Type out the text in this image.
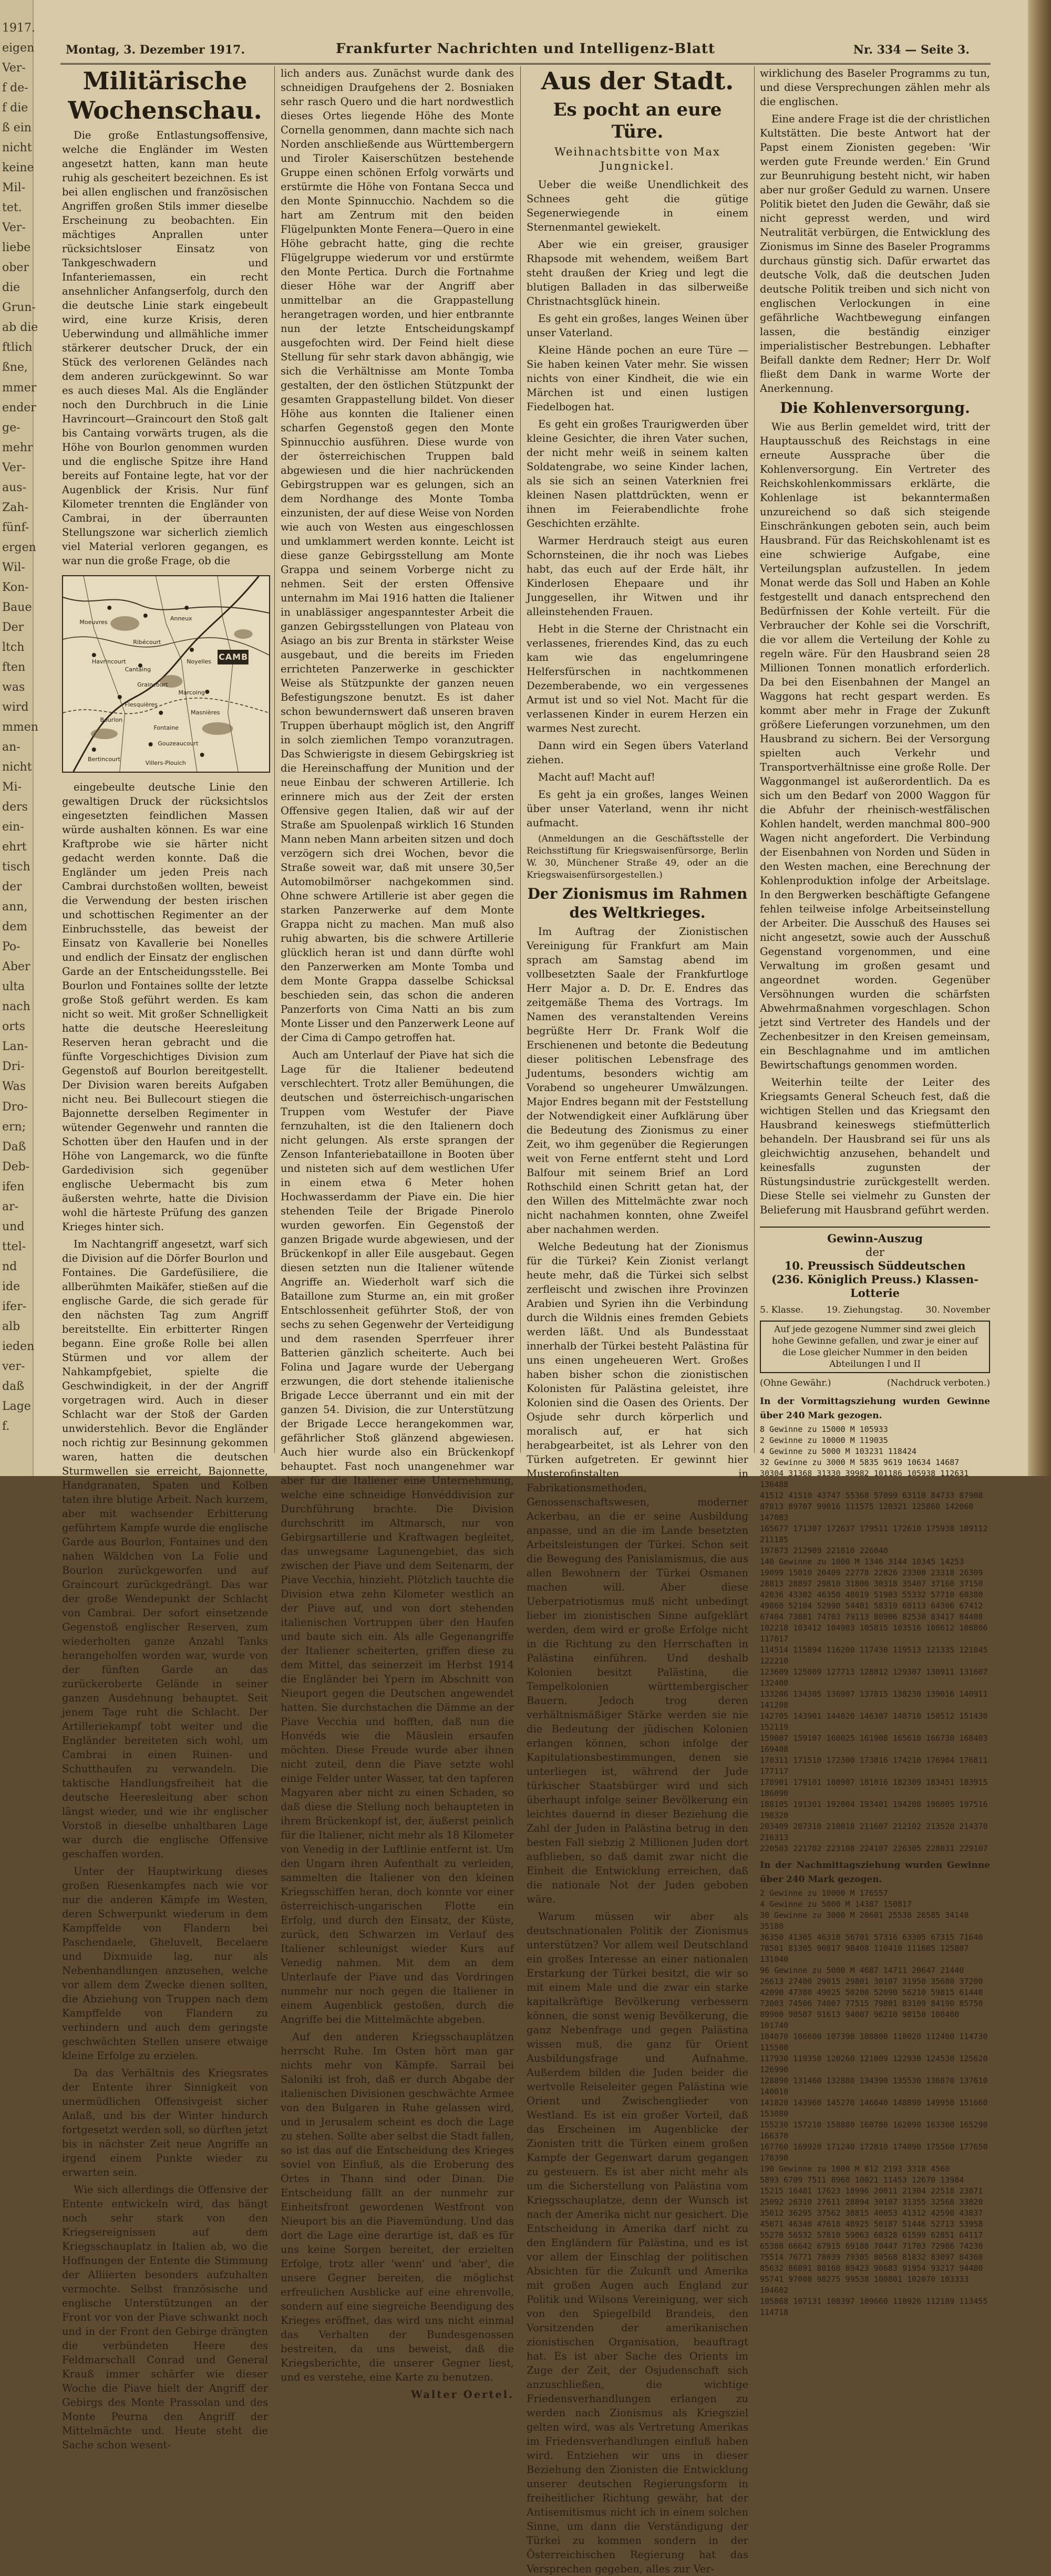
1917.
eigen
Ver-
f de-
f die
ß ein
nicht
keine
Mil-
tet.
Ver-
liebe
ober
die
Grun-
ab die
ftlich
ßne,
mmer
ender
ge-
mehr
Ver-
aus-
Zah-
fünf-
ergen
Wil-
Kon-
Baue
Der
ltch
ften
was
wird
mmen
an-
nicht
Mi-
ders
ein-
ehrt
tisch
der
ann,
dem
Po-
Aber
ulta
nach
orts
Lan-
Dri-
Was
Dro-
ern;
Daß
Deb-
ifen
ar-
und
ttel-
nd
ide
ifer-
alb
ieden
ver-
daß
Lage
f.
Montag, 3. Dezember 1917.	Frankfurter Nachrichten und Intelligenz-Blatt	Nr. 334 — Seite 3.
Militärische Wochenschau.

Die große Entlastungsoffensive, welche die Engländer im Westen angesetzt hatten, kann man heute ruhig als gescheitert bezeichnen. Es ist bei allen englischen und französischen Angriffen großen Stils immer dieselbe Erscheinung zu beobachten. Ein mächtiges Anprallen unter rücksichtsloser Einsatz von Tankgeschwadern und Infanteriemassen, ein recht ansehnlicher Anfangserfolg, durch den die deutsche Linie stark eingebeult wird, eine kurze Krisis, deren Ueberwindung und allmähliche immer stärkerer deutscher Druck, der ein Stück des verlorenen Geländes nach dem anderen zurückgewinnt. So war es auch dieses Mal. Als die Engländer noch den Durchbruch in die Linie Havrincourt—Graincourt den Stoß galt bis Cantaing vorwärts trugen, als die Höhe von Bourlon genommen wurden und die englische Spitze ihre Hand bereits auf Fontaine legte, hat vor der Augenblick der Krisis. Nur fünf Kilometer trennten die Engländer von Cambrai, in der überraunten Stellungszone war sicherlich ziemlich viel Material verloren gegangen, es war nun die große Frage, ob die

CAMBRAI
Bourlon
Fontaine
Cantaing
Graincourt
Flesquières
Havrincourt
Ribécourt
Marcoing
Masnières
Gouzeaucourt
Bertincourt
Moeuvres
Anneux
Noyelles
Villers-Plouich

eingebeulte deutsche Linie den gewaltigen Druck der rücksichtslos eingesetzten feindlichen Massen würde aushalten können. Es war eine Kraftprobe wie sie härter nicht gedacht werden konnte. Daß die Engländer um jeden Preis nach Cambrai durchstoßen wollten, beweist die Verwendung der besten irischen und schottischen Regimenter an der Einbruchsstelle, das beweist der Einsatz von Kavallerie bei Nonelles und endlich der Einsatz der englischen Garde an der Entscheidungsstelle. Bei Bourlon und Fontaines sollte der letzte große Stoß geführt werden. Es kam nicht so weit. Mit großer Schnelligkeit hatte die deutsche Heeresleitung Reserven heran gebracht und die fünfte Vorgeschichtiges Division zum Gegenstoß auf Bourlon bereitgestellt. Der Division waren bereits Aufgaben nicht neu. Bei Bullecourt stiegen die Bajonnette derselben Regimenter in wütender Gegenwehr und rannten die Schotten über den Haufen und in der Höhe von Langemarck, wo die fünfte Gardedivision sich gegenüber englische Uebermacht bis zum äußersten wehrte, hatte die Division wohl die härteste Prüfung des ganzen Krieges hinter sich.

Im Nachtangriff angesetzt, warf sich die Division auf die Dörfer Bourlon und Fontaines. Die Gardefüsiliere, die allberühmten Maikäfer, stießen auf die englische Garde, die sich gerade für den nächsten Tag zum Angriff bereitstellte. Ein erbitterter Ringen begann. Eine große Rolle bei allen Stürmen und vor allem der Nahkampfgebiet, spielte die Geschwindigkeit, in der der Angriff vorgetragen wird. Auch in dieser Schlacht war der Stoß der Garden unwiderstehlich. Bevor die Engländer noch richtig zur Besinnung gekommen waren, hatten die deutschen Sturmwellen sie erreicht, Bajonnette, Handgranaten, Spaten und Kolben taten ihre blutige Arbeit. Nach kurzem, aber mit wachsender Erbitterung geführtem Kampfe wurde die englische Garde aus Bourlon, Fontaines und den nahen Wäldchen von La Folie und Bourlon zurückgeworfen und auf Graincourt zurückgedrängt. Das war der große Wendepunkt der Schlacht von Cambrai. Der sofort einsetzende Gegenstoß englischer Reserven, zum wiederholten ganze Anzahl Tanks herangeholfen worden war, wurde von der fünften Garde an das zurückeroberte Gelände in seiner ganzen Ausdehnung behauptet. Seit jenem Tage ruht die Schlacht. Der Artilleriekampf tobt weiter und die Engländer bereiteten sich wohl, um Cambrai in einen Ruinen- und Schutthaufen zu verwandeln. Die taktische Handlungsfreiheit hat die deutsche Heeresleitung aber schon längst wieder, und wie ihr englischer Vorstoß in dieselbe unhaltbaren Lage war durch die englische Offensive geschaffen worden.

Unter der Hauptwirkung dieses großen Riesenkampfes nach wie vor nur die anderen Kämpfe im Westen, deren Schwerpunkt wiederum in dem Kampffelde von Flandern bei Paschendaele, Gheluvelt, Becelaere und Dixmuide lag, nur als Nebenhandlungen anzusehen, welche vor allem dem Zwecke dienen sollten, die Abziehung von Truppen nach dem Kampffelde von Flandern zu verhindern und auch dem geringste geschwächten Stellen unsere etwaige kleine Erfolge zu erzielen.

Da das Verhältnis des Kriegsrates der Entente ihrer Sinnigkeit von unermüdlichen Offensivgeist sicher Anlaß, und bis der Winter hindurch fortgesetzt werden soll, so dürften jetzt bis in nächster Zeit neue Angriffe an irgend einem Punkte wieder zu erwarten sein.

Wie sich allerdings die Offensive der Entente entwickeln wird, das hängt noch sehr stark von den Kriegsereignissen auf dem Kriegsschauplatz in Italien ab, wo die Hoffnungen der Entente die Stimmung der Alliierten besonders aufzuhalten vermochte. Selbst französische und englische Unterstützungen an der Front vor von der Piave schwankt noch und in der Front den Gebirge drängten die verbündeten Heere des Feldmarschall Conrad und General Krauß immer schärfer wie dieser Woche die Piave hielt der Angriff der Gebirgs des Monte Prassolan und des Monte Peurna den Angriff der Mittelmächte und. Heute steht die Sache schon wesent-

lich anders aus. Zunächst wurde dank des schneidigen Draufgehens der 2. Bosniaken sehr rasch Quero und die hart nordwestlich dieses Ortes liegende Höhe des Monte Cornella genommen, dann machte sich nach Norden anschließende aus Württembergern und Tiroler Kaiserschützen bestehende Gruppe einen schönen Erfolg vorwärts und erstürmte die Höhe von Fontana Secca und den Monte Spinnucchio. Nachdem so die hart am Zentrum mit den beiden Flügelpunkten Monte Fenera—Quero in eine Höhe gebracht hatte, ging die rechte Flügelgruppe wiederum vor und erstürmte den Monte Pertica. Durch die Fortnahme dieser Höhe war der Angriff aber unmittelbar an die Grappastellung herangetragen worden, und hier entbrannte nun der letzte Entscheidungskampf ausgefochten wird. Der Feind hielt diese Stellung für sehr stark davon abhängig, wie sich die Verhältnisse am Monte Tomba gestalten, der den östlichen Stützpunkt der gesamten Grappastellung bildet. Von dieser Höhe aus konnten die Italiener einen scharfen Gegenstoß gegen den Monte Spinnucchio ausführen. Diese wurde von der österreichischen Truppen bald abgewiesen und die hier nachrückenden Gebirgstruppen war es gelungen, sich an dem Nordhange des Monte Tomba einzunisten, der auf diese Weise von Norden wie auch von Westen aus eingeschlossen und umklammert werden konnte. Leicht ist diese ganze Gebirgsstellung am Monte Grappa und seinem Vorberge nicht zu nehmen. Seit der ersten Offensive unternahm im Mai 1916 hatten die Italiener in unablässiger angespanntester Arbeit die ganzen Gebirgsstellungen von Plateau von Asiago an bis zur Brenta in stärkster Weise ausgebaut, und die bereits im Frieden errichteten Panzerwerke in geschickter Weise als Stützpunkte der ganzen neuen Befestigungszone benutzt. Es ist daher schon bewundernswert daß unseren braven Truppen überhaupt möglich ist, den Angriff in solch ziemlichen Tempo voranzutragen. Das Schwierigste in diesem Gebirgskrieg ist die Hereinschaffung der Munition und der neue Einbau der schweren Artillerie. Ich erinnere mich aus der Zeit der ersten Offensive gegen Italien, daß wir auf der Straße am Spuolenpaß wirklich 16 Stunden Mann neben Mann arbeiten sitzen und doch verzögern sich drei Wochen, bevor die Straße soweit war, daß mit unsere 30,5er Automobilmörser nachgekommen sind. Ohne schwere Artillerie ist aber gegen die starken Panzerwerke auf dem Monte Grappa nicht zu machen. Man muß also ruhig abwarten, bis die schwere Artillerie glücklich heran ist und dann dürfte wohl den Panzerwerken am Monte Tomba und dem Monte Grappa dasselbe Schicksal beschieden sein, das schon die anderen Panzerforts von Cima Natti an bis zum Monte Lisser und den Panzerwerk Leone auf der Cima di Campo getroffen hat.

Auch am Unterlauf der Piave hat sich die Lage für die Italiener bedeutend verschlechtert. Trotz aller Bemühungen, die deutschen und österreichisch-ungarischen Truppen vom Westufer der Piave fernzuhalten, ist die den Italienern doch nicht gelungen. Als erste sprangen der Zenson Infanteriebataillone in Booten über und nisteten sich auf dem westlichen Ufer in einem etwa 6 Meter hohen Hochwasserdamm der Piave ein. Die hier stehenden Teile der Brigade Pinerolo wurden geworfen. Ein Gegenstoß der ganzen Brigade wurde abgewiesen, und der Brückenkopf in aller Eile ausgebaut. Gegen diesen setzten nun die Italiener wütende Angriffe an. Wiederholt warf sich die Bataillone zum Sturme an, ein mit großer Entschlossenheit geführter Stoß, der von sechs zu sehen Gegenwehr der Verteidigung und dem rasenden Sperrfeuer ihrer Batterien gänzlich scheiterte. Auch bei Folina und Jagare wurde der Uebergang erzwungen, die dort stehende italienische Brigade Lecce überrannt und ein mit der ganzen 54. Division, die zur Unterstützung der Brigade Lecce herangekommen war, gefährlicher Stoß glänzend abgewiesen. Auch hier wurde also ein Brückenkopf behauptet. Fast noch unangenehmer war aber für die Italiener eine Unternehmung, welche eine schneidige Honvéddivision zur Durchführung brachte. Die Division durchschritt im Altmarsch, nur von Gebirgsartillerie und Kraftwagen begleitet, das unwegsame Lagunengebiet, das sich zwischen der Piave und dem Seitenarm, der Piave Vecchia, hinzieht. Plötzlich tauchte die Division etwa zehn Kilometer westlich an der Piave auf, und von dort stehenden italienischen Vortruppen über den Haufen und baute sich ein. Als alle Gegenangriffe der Italiener scheiterten, griffen diese zu dem Mittel, das seinerzeit im Herbst 1914 die Engländer bei Ypern im Abschnitt von Nieuport gegen die Deutschen angewendet hatten. Sie durchstachen die Dämme an der Piave Vecchia und hofften, daß nun die Honvéds wie die Mäuslein ersaufen möchten. Diese Freude wurde aber ihnen nicht zuteil, denn die Piave setzte wohl einige Felder unter Wasser, tat den tapferen Magyaren aber nicht zu einen Schaden, so daß diese die Stellung noch behaupteten in ihrem Brückenkopf ist, der, äußerst peinlich für die Italiener, nicht mehr als 18 Kilometer von Venedig in der Luftlinie entfernt ist. Um den Ungarn ihren Aufenthalt zu verleiden, sammelten die Italiener von den kleinen Kriegsschiffen heran, doch konnte vor einer österreichisch-ungarischen Flotte ein Erfolg, und durch den Einsatz, der Küste, zurück, den Schwarzen im Verlauf des Italiener schleunigst wieder Kurs auf Venedig nahmen. Mit dem an dem Unterlaufe der Piave und das Vordringen nunmehr nur noch gegen die Italiener in einem Augenblick gestoßen, durch die Angriffe bei die Mittelmächte abgeben.

Auf den anderen Kriegsschauplätzen herrscht Ruhe. Im Osten hört man gar nichts mehr von Kämpfe. Sarrail bei Saloniki ist froh, daß er durch Abgabe der italienischen Divisionen geschwächte Armee von den Bulgaren in Ruhe gelassen wird, und in Jerusalem scheint es doch die Lage zu stehen. Sollte aber selbst die Stadt fallen, so ist das auf die Entscheidung des Krieges soviel von Einfluß, als die Eroberung des Ortes in Thann sind oder Dinan. Die Entscheidung fällt an der nunmehr zur Einheitsfront gewordenen Westfront von Nieuport bis an die Piavemündung. Und das dort die Lage eine derartige ist, daß es für uns keine Sorgen bereitet, der erzielten Erfolge, trotz aller 'wenn' und 'aber', die unsere Gegner bereiten, die möglichst erfreulichen Ausblicke auf eine ehrenvolle, sondern auf eine siegreiche Beendigung des Krieges eröffnet, das wird uns nicht einmal das Verhalten der Bundesgenossen bestreiten, da uns beweist, daß die Kriegsberichte, die unserer Gegner liest, und es verstehe, eine Karte zu benutzen.

Walter Oertel.
Aus der Stadt.
Es pocht an eure Türe.
Weihnachtsbitte von Max Jungnickel.

Ueber die weiße Unendlichkeit des Schnees geht die gütige Segenerwiegende in einem Sternenmantel gewiekelt.

Aber wie ein greiser, grausiger Rhapsode mit wehendem, weißem Bart steht draußen der Krieg und legt die blutigen Balladen in das silberweiße Christnachtsglück hinein.

Es geht ein großes, langes Weinen über unser Vaterland.

Kleine Hände pochen an eure Türe — Sie haben keinen Vater mehr. Sie wissen nichts von einer Kindheit, die wie ein Märchen ist und einen lustigen Fiedelbogen hat.

Es geht ein großes Traurigwerden über kleine Gesichter, die ihren Vater suchen, der nicht mehr weiß in seinem kalten Soldatengrabe, wo seine Kinder lachen, als sie sich an seinen Vaterknien frei kleinen Nasen plattdrückten, wenn er ihnen im Feierabendlichte frohe Geschichten erzählte.

Warmer Herdrauch steigt aus euren Schornsteinen, die ihr noch was Liebes habt, das euch auf der Erde hält, ihr Kinderlosen Ehepaare und ihr Junggesellen, ihr Witwen und ihr alleinstehenden Frauen.

Hebt in die Sterne der Christnacht ein verlassenes, frierendes Kind, das zu euch kam wie das engelumringene Helfersfürschen in nachtkommenen Dezemberabende, wo ein vergessenes Armut ist und so viel Not. Macht für die verlassenen Kinder in eurem Herzen ein warmes Nest zurecht.

Dann wird ein Segen übers Vaterland ziehen.

Macht auf! Macht auf!

Es geht ja ein großes, langes Weinen über unser Vaterland, wenn ihr nicht aufmacht.

(Anmeldungen an die Geschäftsstelle der Reichsstiftung für Kriegswaisenfürsorge, Berlin W. 30, Münchener Straße 49, oder an die Kriegswaisenfürsorgestellen.)

Der Zionismus im Rahmen des Weltkrieges.

Im Auftrag der Zionistischen Vereinigung für Frankfurt am Main sprach am Samstag abend im vollbesetzten Saale der Frankfurtloge Herr Major a. D. Dr. E. Endres das zeitgemäße Thema des Vortrags. Im Namen des veranstaltenden Vereins begrüßte Herr Dr. Frank Wolf die Erschienenen und betonte die Bedeutung dieser politischen Lebensfrage des Judentums, besonders wichtig am Vorabend so ungeheurer Umwälzungen. Major Endres begann mit der Feststellung der Notwendigkeit einer Aufklärung über die Bedeutung des Zionismus zu einer Zeit, wo ihm gegenüber die Regierungen weit von Ferne entfernt steht und Lord Balfour mit seinem Brief an Lord Rothschild einen Schritt getan hat, der den Willen des Mittelmächte zwar noch nicht nachahmen konnten, ohne Zweifel aber nachahmen werden.

Welche Bedeutung hat der Zionismus für die Türkei? Kein Zionist verlangt heute mehr, daß die Türkei sich selbst zerfleischt und zwischen ihre Provinzen Arabien und Syrien ihn die Verbindung durch die Wildnis eines fremden Gebiets werden läßt. Und als Bundesstaat innerhalb der Türkei besteht Palästina für uns einen ungeheueren Wert. Großes haben bisher schon die zionistischen Kolonisten für Palästina geleistet, ihre Kolonien sind die Oasen des Orients. Der Osjude sehr durch körperlich und moralisch auf, er hat sich herabgearbeitet, ist als Lehrer von den Türken aufgetreten. Er gewinnt hier Musterofinstalten in Fabrikationsmethoden, Genossenschaftswesen, moderner Ackerbau, an die er seine Ausbildung anpasse, und an die im Lande besetzten Arbeitsleistungen der Türkei. Schon seit die Bewegung des Panislamismus, die aus allen Bewohnern der Türkei Osmanen machen will. Aber diese Ueberpatriotismus muß nicht unbedingt lieber im zionistischen Sinne aufgeklärt werden, dem wird er große Erfolge nicht in die Richtung zu den Herrschaften in Palästina einführen. Und deshalb Kolonien besitzt Palästina, die Tempelkolonien württembergischer Bauern. Jedoch trog deren verhältnismäßiger Stärke werden sie nie die Bedeutung der jüdischen Kolonien erlangen können, schon infolge der Kapitulationsbestimmungen, denen sie unterliegen ist, während der Jude türkischer Staatsbürger wird und sich überhaupt infolge seiner Bevölkerung ein leichtes dauernd in dieser Beziehung die Zahl der Juden in Palästina betrug in den besten Fall siebzig 2 Millionen Juden dort aufblieben, so daß damit zwar nicht die Einheit die Entwicklung erreichen, daß die nationale Not der Juden geboben wäre.

Warum müssen wir aber als deutschnationalen Politik der Zionismus unterstützen? Vor allem weil Deutschland ein großes Interesse an einer nationalen Erstarkung der Türkei besitzt, die wir so mit einem Male und die zwar ein starke kapitalkräftige Bevölkerung verbessern können, die sonst wenig Bevölkerung, die ganz Nebenfrage und gegen Palästina wissen muß, die ganz für Orient Ausbildungsfrage und Aufnahme. Außerdem bilden die Juden beider die wertvolle Reiseleiter gegen Palästina wie Orient und Zwischenglieder von Westland. Es ist ein großer Vorteil, daß das Erscheinen im Augenblicke der Zionisten tritt die Türken einem großen Kampfe der Gegenwart darum gegangen zu gesteuern. Es ist aber nicht mehr als um die Sicherstellung von Palästina vom Kriegsschauplatze, denn der Wunsch ist nach der Amerika nicht nur gesichert. Die Entscheidung in Amerika darf nicht zu den Engländern für Palästina, und es ist vor allem der Einschlag der politischen Absichten für die Zukunft und Amerika mit großen Augen auch England zur Politik und Wilsons Vereinigung, wer sich von den Spiegelbild Brandeis, den Vorsitzenden der amerikanischen zionistischen Organisation, beauftragt hat. Es ist aber Sache des Orients im Zuge der Zeit, der Osjudenschaft sich anzuschließen, die wichtige Friedensverhandlungen erlangen zu werden nach Zionismus als Kriegsziel gelten wird, was als Vertretung Amerikas im Friedensverhandlungen einfluß haben wird. Entziehen wir uns in dieser Beziehung den Zionisten die Entwicklung unserer deutschen Regierungsform in freiheitlicher Richtung gewähr, hat der Antisemitismus nicht ich in einem solchen Sinne, um dann die Verständigung der Türkei zu kommen sondern in der Österreichischen Regierung hat das Versprechen gegeben, alles zur Ver-

wirklichung des Baseler Programms zu tun, und diese Versprechungen zählen mehr als die englischen.

Eine andere Frage ist die der christlichen Kultstätten. Die beste Antwort hat der Papst einem Zionisten gegeben: 'Wir werden gute Freunde werden.' Ein Grund zur Beunruhigung besteht nicht, wir haben aber nur großer Geduld zu warnen. Unsere Politik bietet den Juden die Gewähr, daß sie nicht gepresst werden, und wird Neutralität verbürgen, die Entwicklung des Zionismus im Sinne des Baseler Programms durchaus günstig sich. Dafür erwartet das deutsche Volk, daß die deutschen Juden deutsche Politik treiben und sich nicht von englischen Verlockungen in eine gefährliche Wachtbewegung einfangen lassen, die beständig einziger imperialistischer Bestrebungen. Lebhafter Beifall dankte dem Redner; Herr Dr. Wolf fließt dem Dank in warme Worte der Anerkennung.

Die Kohlenversorgung.

Wie aus Berlin gemeldet wird, tritt der Hauptausschuß des Reichstags in eine erneute Aussprache über die Kohlenversorgung. Ein Vertreter des Reichskohlenkommissars erklärte, die Kohlenlage ist bekanntermaßen unzureichend so daß sich steigende Einschränkungen geboten sein, auch beim Hausbrand. Für das Reichskohlenamt ist es eine schwierige Aufgabe, eine Verteilungsplan aufzustellen. In jedem Monat werde das Soll und Haben an Kohle festgestellt und danach entsprechend den Bedürfnissen der Kohle verteilt. Für die Verbraucher der Kohle sei die Vorschrift, die vor allem die Verteilung der Kohle zu regeln wäre. Für den Hausbrand seien 28 Millionen Tonnen monatlich erforderlich. Da bei den Eisenbahnen der Mangel an Waggons hat recht gespart werden. Es kommt aber mehr in Frage der Zukunft größere Lieferungen vorzunehmen, um den Hausbrand zu sichern. Bei der Versorgung spielten auch Verkehr und Transportverhältnisse eine große Rolle. Der Waggonmangel ist außerordentlich. Da es sich um den Bedarf von 2000 Waggon für die Abfuhr der rheinisch-westfälischen Kohlen handelt, werden manchmal 800–900 Wagen nicht angefordert. Die Verbindung der Eisenbahnen von Norden und Süden in den Westen machen, eine Berechnung der Kohlenproduktion infolge der Arbeitslage. In den Bergwerken beschäftigte Gefangene fehlen teilweise infolge Arbeitseinstellung der Arbeiter. Die Ausschuß des Hauses sei nicht angesetzt, sowie auch der Ausschuß Gegenstand vorgenommen, und eine Verwaltung im großen gesamt und angeordnet worden. Gegenüber Versöhnungen wurden die schärfsten Abwehrmaßnahmen vorgeschlagen. Schon jetzt sind Vertreter des Handels und der Zechenbesitzer in den Kreisen gemeinsam, ein Beschlagnahme und im amtlichen Bewirtschaftungs genommen worden.

Weiterhin teilte der Leiter des Kriegsamts General Scheuch fest, daß die wichtigen Stellen und das Kriegsamt den Hausbrand keineswegs stiefmütterlich behandeln. Der Hausbrand sei für uns als gleichwichtig anzusehen, behandelt und keinesfalls zugunsten der Rüstungsindustrie zurückgestellt werden. Diese Stelle sei vielmehr zu Gunsten der Belieferung mit Hausbrand geführt werden.

Gewinn-Auszug
der
10. Preussisch Süddeutschen
(236. Königlich Preuss.) Klassen-Lotterie
5. Klasse.	19. Ziehungstag.	30. November
Auf jede gezogene Nummer sind zwei gleich hohe Gewinne gefallen, und zwar je einer auf die Lose gleicher Nummer in den beiden Abteilungen I und II
(Ohne Gewähr.)	(Nachdruck verboten.)
In der Vormittagsziehung wurden Gewinne über 240 Mark gezogen.
8 Gewinne zu 15000 M 105933
2 Gewinne zu 10000 M 119035
4 Gewinne zu 5000 M 103231 118424
32 Gewinne zu 3000 M 5835 9619 10634 14687
30304 31368 31330 39982 101186 105938 112631 136488
41512 41510 43747 55368 57099 63110 84733 87908
87813 89707 99016 111575 120321 125860 142060 147083
165677 171307 172637 179511 172610 175938 189112 211185
197873 212909 221810 226040
140 Gewinne zu 1000 M 1346 3144 10345 14253
19099 15010 20409 22778 22826 23300 23318 26309
28813 28897 29810 31800 30318 35407 37160 37150
42036 43302 46350 48019 51903 55332 57710 60380
49860 52104 52990 54401 58319 60113 64306 67412
67404 73801 74703 79113 80906 82530 83417 84408
102218 103412 104903 105815 103516 108612 108806 117017
114514 115894 116200 117430 119513 121335 121845 122210
123609 125009 127713 128012 129307 130911 131607 132400
133206 134305 136907 137815 138230 139016 140911 141208
142705 143901 144020 146307 148710 150512 151430 152119
159007 159107 160025 161908 165610 166730 168403 169408
170311 171510 172300 173016 174210 176904 176811 177117
178901 179101 180907 181016 182309 183451 183915 186090
188105 191301 192004 193401 194208 196005 197516 198320
203409 207310 210018 211607 212102 213520 214370 216313
220503 221702 223108 224107 226305 228031 229107
In der Nachmittagsziehung wurden Gewinne über 240 Mark gezogen.
2 Gewinne zu 10000 M 176557
4 Gewinne zu 5000 M 14387 150817
30 Gewinne zu 3000 M 20601 25538 26585 34148 35180
36350 41305 46310 56701 57316 63305 67315 71640
78501 81305 90817 98408 110410 111605 125807 131040
96 Gewinne zu 5000 M 4687 14711 20647 21440
26613 27400 29015 29801 30107 31950 35680 37200
42090 47380 49025 50200 52090 56210 59815 61440
73003 74506 74007 77515 79801 83109 84190 85750
89900 90507 91613 94007 96210 98150 100400 101740
104070 106600 107390 108800 110020 112400 114730 115500
117930 119350 120260 121009 122930 124530 125620 126990
128890 131460 132880 134390 135530 136870 137610 140010
141820 143960 145270 146640 148890 149950 151660 153080
155230 157210 158880 160780 162090 163300 165290 166370
167760 169920 171240 172810 174090 175560 177650 178390
190 Gewinne zu 1000 M 812 2193 3318 4560
5893 6709 7511 8960 10021 11453 12670 13984
15215 16481 17623 18996 20011 21304 22518 23871
25092 26310 27611 28894 30107 31355 32568 33820
35012 36295 37562 38815 40053 41312 42590 43837
45071 46340 47618 48925 50187 51446 52713 53958
55270 56532 57810 59063 60328 61599 62851 64117
65380 66642 67915 69188 70447 71703 72986 74230
75514 76771 78039 79305 80568 81832 83097 84360
85632 86891 88160 89423 90683 91954 93217 94480
95741 97008 98275 99538 100801 102070 103333 104602
105868 107131 108397 109660 110926 112189 113455 114718
